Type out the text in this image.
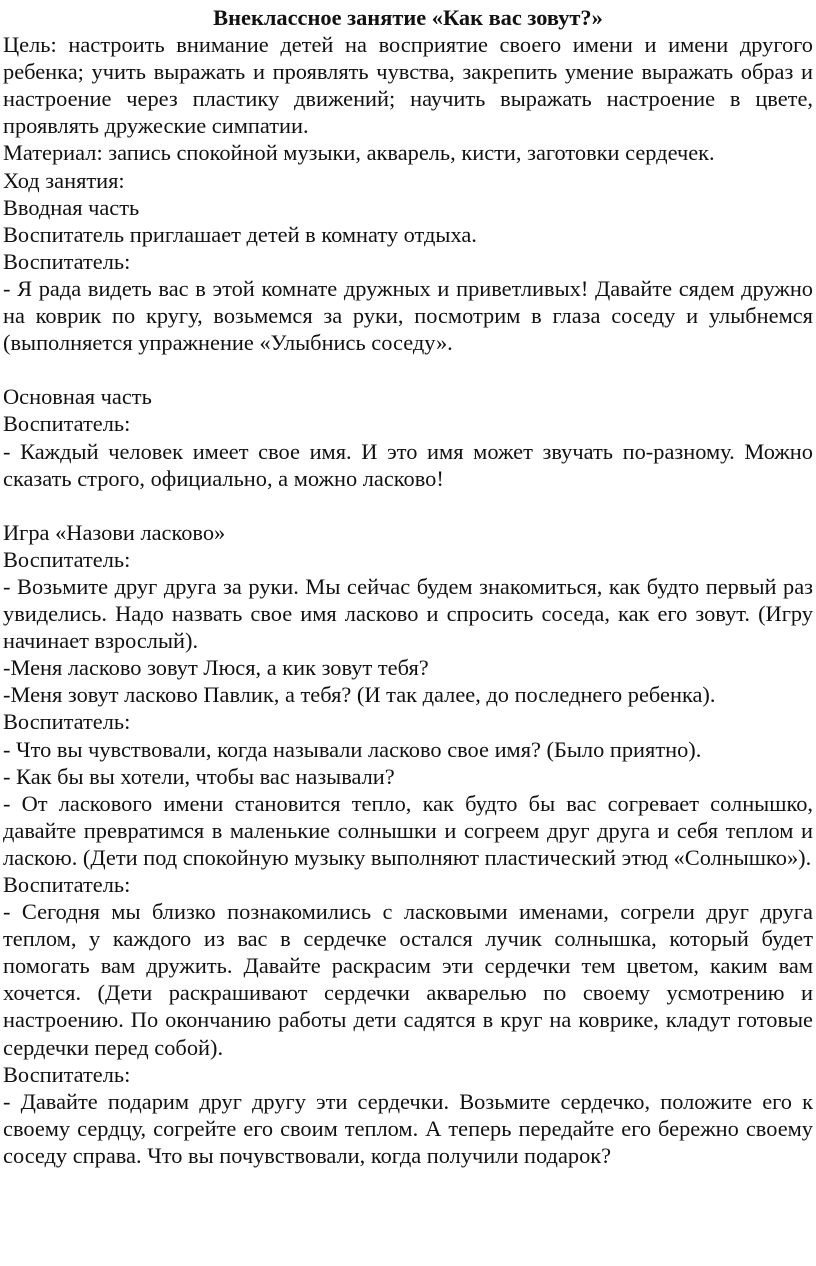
Внеклассное занятие «Как вас зовут?»

Цель: настроить внимание детей на восприятие своего имени и имени другого ребенка; учить выражать и проявлять чувства, закрепить умение выражать образ и настроение через пластику движений; научить выражать настроение в цвете, проявлять дружеские симпатии.

Материал: запись спокойной музыки, акварель, кисти, заготовки сердечек.

Ход занятия:

Вводная часть

Воспитатель приглашает детей в комнату отдыха.

Воспитатель:

- Я рада видеть вас в этой комнате дружных и приветливых! Давайте сядем дружно на коврик по кругу, возьмемся за руки, посмотрим в глаза соседу и улыбнемся (выполняется упражнение «Улыбнись соседу».

Основная часть

Воспитатель:

- Каждый человек имеет свое имя. И это имя может звучать по-разному. Можно сказать строго, официально, а можно ласково!

Игра «Назови ласково»

Воспитатель:

- Возьмите друг друга за руки. Мы сейчас будем знакомиться, как будто первый раз увиделись. Надо назвать свое имя ласково и спросить соседа, как его зовут. (Игру начинает взрослый).

-Меня ласково зовут Люся, а кик зовут тебя?

-Меня зовут ласково Павлик, а тебя? (И так далее, до последнего ребенка).

Воспитатель:

- Что вы чувствовали, когда называли ласково свое имя? (Было приятно).

- Как бы вы хотели, чтобы вас называли?

- От ласкового имени становится тепло, как будто бы вас согревает солнышко, давайте превратимся в маленькие солнышки и согреем друг друга и себя теплом и ласкою. (Дети под спокойную музыку выполняют пластический этюд «Солнышко»).

Воспитатель:

- Сегодня мы близко познакомились с ласковыми именами, согрели друг друга теплом, у каждого из вас в сердечке остался лучик солнышка, который будет помогать вам дружить. Давайте раскрасим эти сердечки тем цветом, каким вам хочется. (Дети раскрашивают сердечки акварелью по своему усмотрению и настроению. По окончанию работы дети садятся в круг на коврике, кладут готовые сердечки перед собой).

Воспитатель:

- Давайте подарим друг другу эти сердечки. Возьмите сердечко, положите его к своему сердцу, согрейте его своим теплом. А теперь передайте его бережно своему соседу справа. Что вы почувствовали, когда получили подарок?
